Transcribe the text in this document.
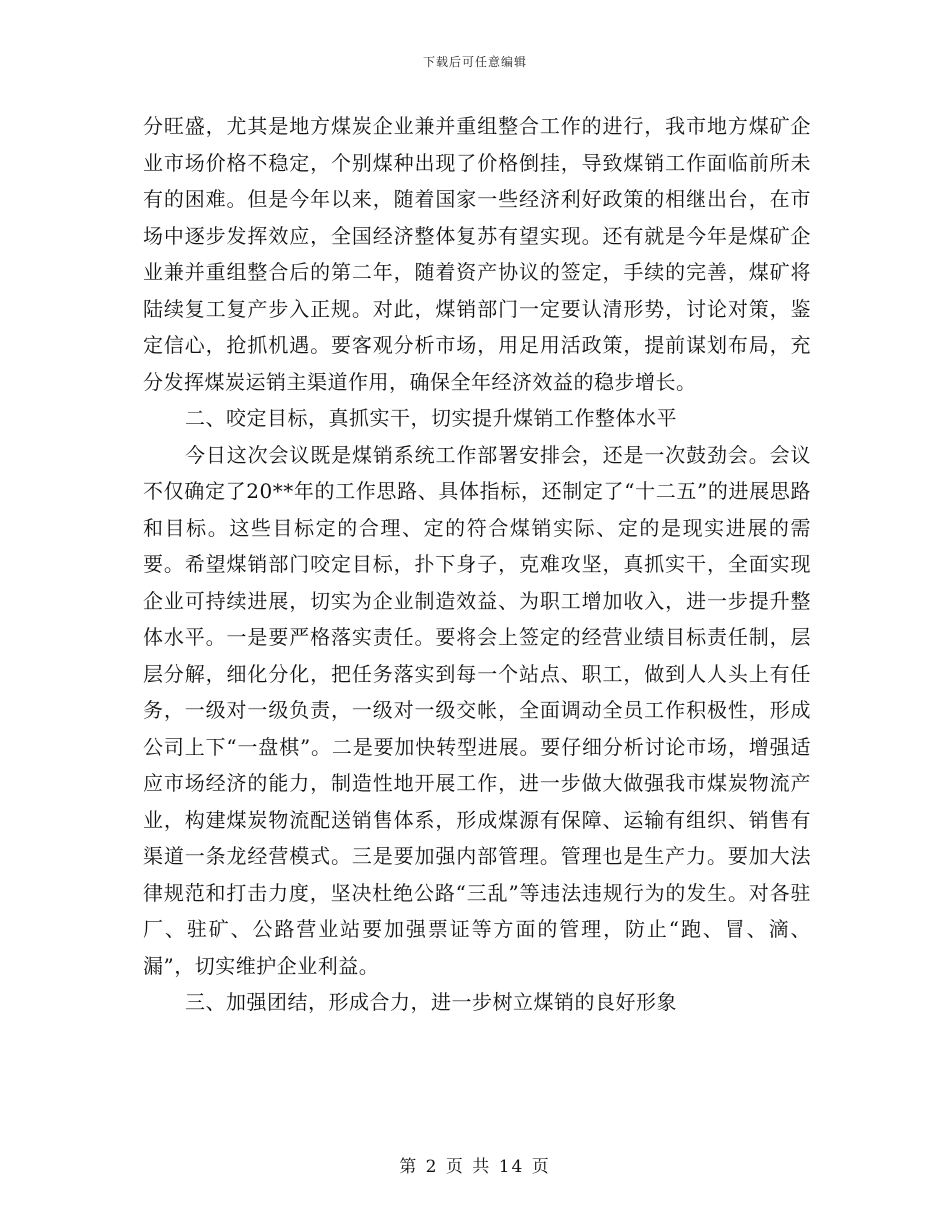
下载后可任意编辑

分旺盛，尤其是地方煤炭企业兼并重组整合工作的进行，我市地方煤矿企业市场价格不稳定，个别煤种出现了价格倒挂，导致煤销工作面临前所未有的困难。但是今年以来，随着国家一些经济利好政策的相继出台，在市场中逐步发挥效应，全国经济整体复苏有望实现。还有就是今年是煤矿企业兼并重组整合后的第二年，随着资产协议的签定，手续的完善，煤矿将陆续复工复产步入正规。对此，煤销部门一定要认清形势，讨论对策，鉴定信心，抢抓机遇。要客观分析市场，用足用活政策，提前谋划布局，充分发挥煤炭运销主渠道作用，确保全年经济效益的稳步增长。

二、咬定目标，真抓实干，切实提升煤销工作整体水平

今日这次会议既是煤销系统工作部署安排会，还是一次鼓劲会。会议不仅确定了20**年的工作思路、具体指标，还制定了“十二五”的进展思路和目标。这些目标定的合理、定的符合煤销实际、定的是现实进展的需要。希望煤销部门咬定目标，扑下身子，克难攻坚，真抓实干，全面实现企业可持续进展，切实为企业制造效益、为职工增加收入，进一步提升整体水平。一是要严格落实责任。要将会上签定的经营业绩目标责任制，层层分解，细化分化，把任务落实到每一个站点、职工，做到人人头上有任务，一级对一级负责，一级对一级交帐，全面调动全员工作积极性，形成公司上下“一盘棋”。二是要加快转型进展。要仔细分析讨论市场，增强适应市场经济的能力，制造性地开展工作，进一步做大做强我市煤炭物流产业，构建煤炭物流配送销售体系，形成煤源有保障、运输有组织、销售有渠道一条龙经营模式。三是要加强内部管理。管理也是生产力。要加大法律规范和打击力度，坚决杜绝公路“三乱”等违法违规行为的发生。对各驻厂、驻矿、公路营业站要加强票证等方面的管理，防止“跑、冒、滴、漏”，切实维护企业利益。

三、加强团结，形成合力，进一步树立煤销的良好形象

第 2 页 共 14 页
